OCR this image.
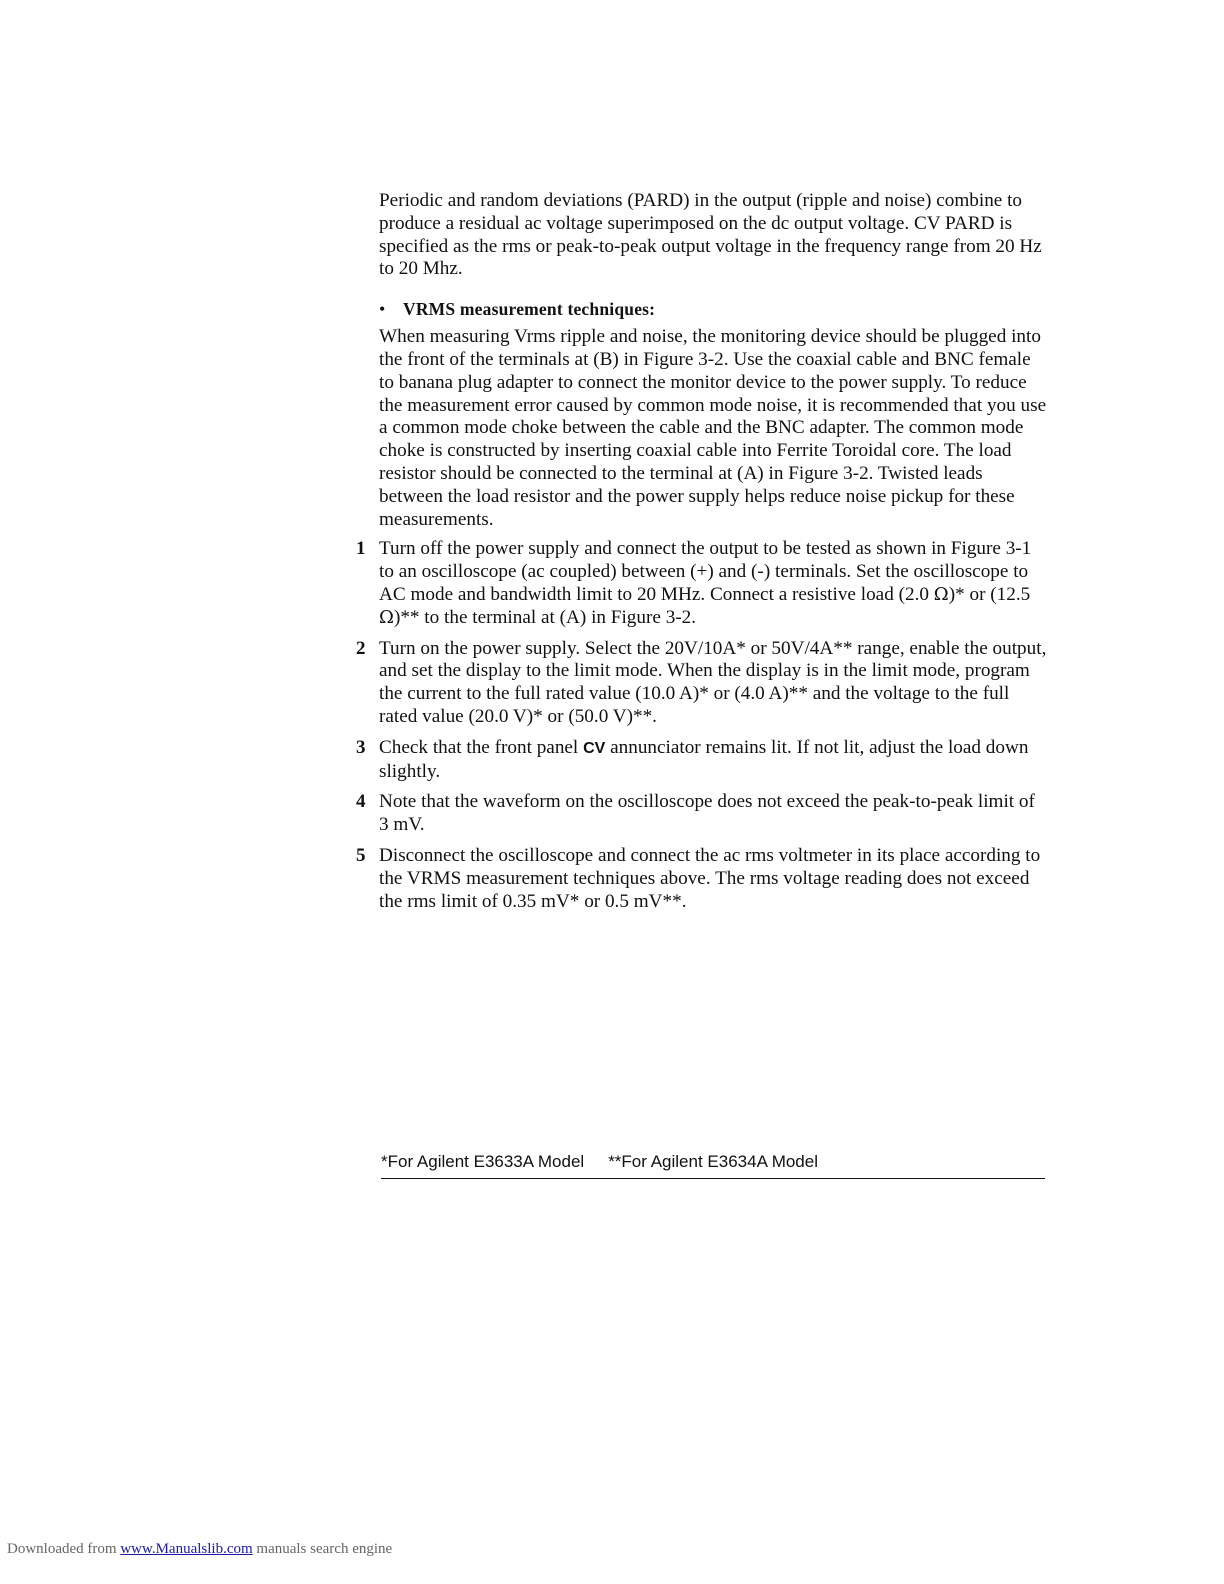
Periodic and random deviations (PARD) in the output (ripple and noise) combine to produce a residual ac voltage superimposed on the dc output voltage. CV PARD is specified as the rms or peak-to-peak output voltage in the frequency range from 20 Hz to 20 Mhz.

• VRMS measurement techniques:

When measuring Vrms ripple and noise, the monitoring device should be plugged into the front of the terminals at (B) in Figure 3-2. Use the coaxial cable and BNC female to banana plug adapter to connect the monitor device to the power supply. To reduce the measurement error caused by common mode noise, it is recommended that you use a common mode choke between the cable and the BNC adapter. The common mode choke is constructed by inserting coaxial cable into Ferrite Toroidal core. The load resistor should be connected to the terminal at (A) in Figure 3-2. Twisted leads between the load resistor and the power supply helps reduce noise pickup for these measurements.

1 Turn off the power supply and connect the output to be tested as shown in Figure 3-1 to an oscilloscope (ac coupled) between (+) and (-) terminals. Set the oscilloscope to AC mode and bandwidth limit to 20 MHz. Connect a resistive load (2.0 Ω)* or (12.5 Ω)** to the terminal at (A) in Figure 3-2.

2 Turn on the power supply. Select the 20V/10A* or 50V/4A** range, enable the output, and set the display to the limit mode. When the display is in the limit mode, program the current to the full rated value (10.0 A)* or (4.0 A)** and the voltage to the full rated value (20.0 V)* or (50.0 V)**.

3 Check that the front panel CV annunciator remains lit. If not lit, adjust the load down slightly.

4 Note that the waveform on the oscilloscope does not exceed the peak-to-peak limit of 3 mV.

5 Disconnect the oscilloscope and connect the ac rms voltmeter in its place according to the VRMS measurement techniques above. The rms voltage reading does not exceed the rms limit of 0.35 mV* or 0.5 mV**.

*For Agilent E3633A Model **For Agilent E3634A Model
Downloaded from www.Manualslib.com manuals search engine
